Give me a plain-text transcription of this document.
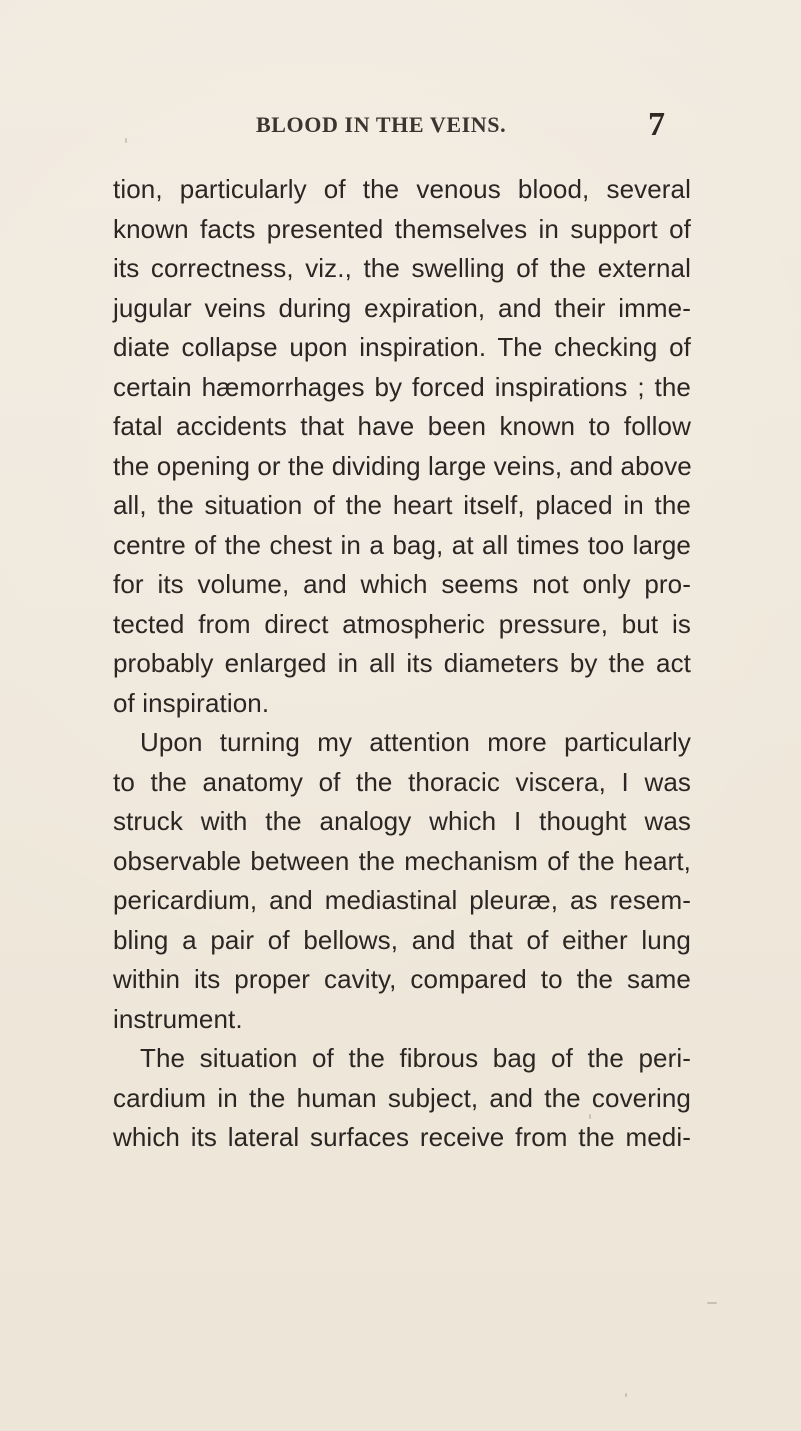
BLOOD IN THE VEINS.	7
tion, particularly of the venous blood, several
known facts presented themselves in support of
its correctness, viz., the swelling of the external
jugular veins during expiration, and their imme-
diate collapse upon inspiration. The checking of
certain hæmorrhages by forced inspirations ; the
fatal accidents that have been known to follow
the opening or the dividing large veins, and above
all, the situation of the heart itself, placed in the
centre of the chest in a bag, at all times too large
for its volume, and which seems not only pro-
tected from direct atmospheric pressure, but is
probably enlarged in all its diameters by the act
of inspiration.
Upon turning my attention more particularly
to the anatomy of the thoracic viscera, I was
struck with the analogy which I thought was
observable between the mechanism of the heart,
pericardium, and mediastinal pleuræ, as resem-
bling a pair of bellows, and that of either lung
within its proper cavity, compared to the same
instrument.
The situation of the fibrous bag of the peri-
cardium in the human subject, and the covering
which its lateral surfaces receive from the medi-
